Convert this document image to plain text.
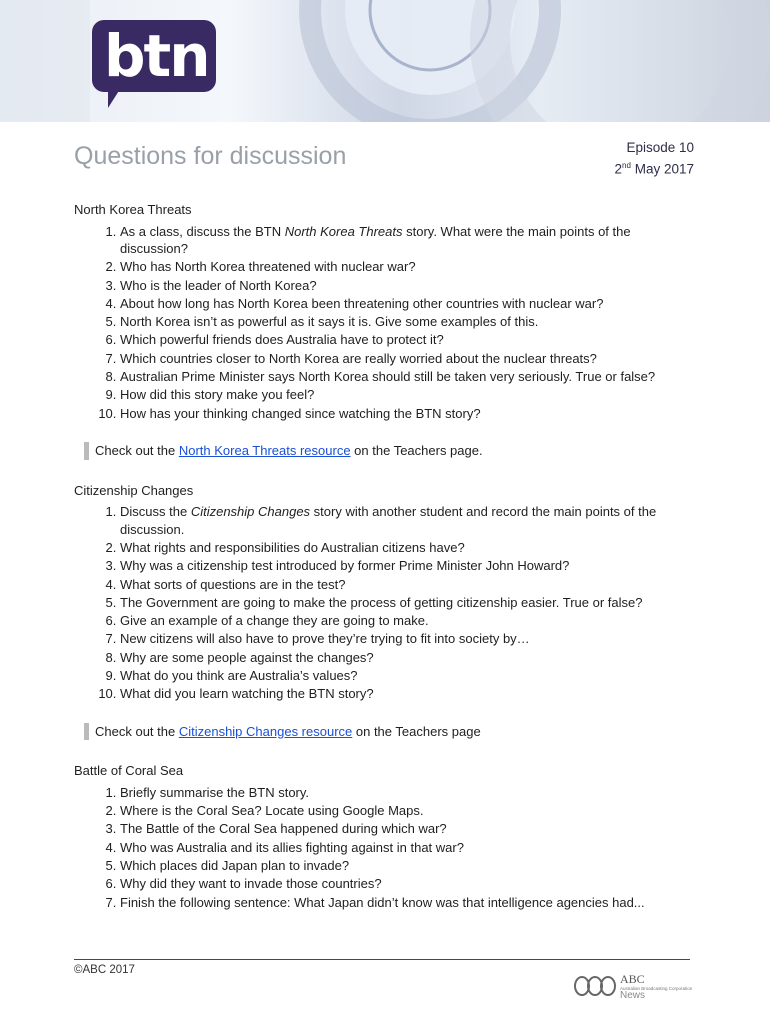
btn
Questions for discussion	Episode 10
2nd May 2017
North Korea Threats
1. As a class, discuss the BTN North Korea Threats story. What were the main points of the discussion?
2. Who has North Korea threatened with nuclear war?
3. Who is the leader of North Korea?
4. About how long has North Korea been threatening other countries with nuclear war?
5. North Korea isn’t as powerful as it says it is. Give some examples of this.
6. Which powerful friends does Australia have to protect it?
7. Which countries closer to North Korea are really worried about the nuclear threats?
8. Australian Prime Minister says North Korea should still be taken very seriously. True or false?
9. How did this story make you feel?
10. How has your thinking changed since watching the BTN story?
Check out the North Korea Threats resource on the Teachers page.
Citizenship Changes
1. Discuss the Citizenship Changes story with another student and record the main points of the discussion.
2. What rights and responsibilities do Australian citizens have?
3. Why was a citizenship test introduced by former Prime Minister John Howard?
4. What sorts of questions are in the test?
5. The Government are going to make the process of getting citizenship easier. True or false?
6. Give an example of a change they are going to make.
7. New citizens will also have to prove they’re trying to fit into society by…
8. Why are some people against the changes?
9. What do you think are Australia’s values?
10. What did you learn watching the BTN story?
Check out the Citizenship Changes resource on the Teachers page
Battle of Coral Sea
1. Briefly summarise the BTN story.
2. Where is the Coral Sea? Locate using Google Maps.
3. The Battle of the Coral Sea happened during which war?
4. Who was Australia and its allies fighting against in that war?
5. Which places did Japan plan to invade?
6. Why did they want to invade those countries?
7. Finish the following sentence: What Japan didn’t know was that intelligence agencies had...
©ABC 2017
ABC
Australian Broadcasting Corporation
News
